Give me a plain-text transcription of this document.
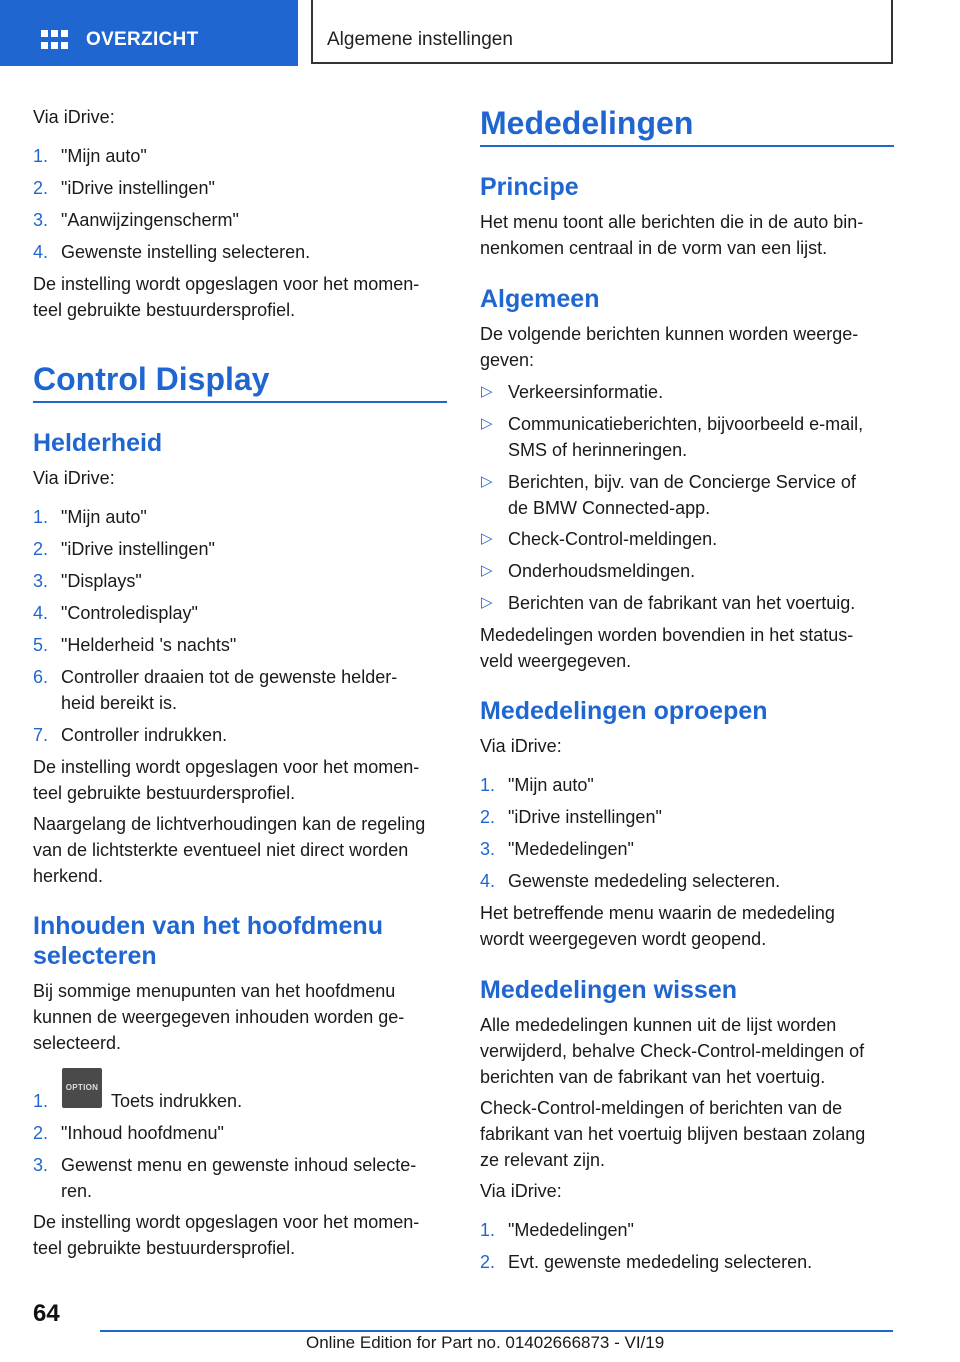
OVERZICHT	Algemene instellingen
Via iDrive:
1. "Mijn auto"
2. "iDrive instellingen"
3. "Aanwijzingenscherm"
4. Gewenste instelling selecteren.
De instelling wordt opgeslagen voor het momen-
teel gebruikte bestuurdersprofiel.
Control Display
Helderheid
Via iDrive:
1. "Mijn auto"
2. "iDrive instellingen"
3. "Displays"
4. "Controledisplay"
5. "Helderheid 's nachts"
6. Controller draaien tot de gewenste helder-
heid bereikt is.
7. Controller indrukken.
De instelling wordt opgeslagen voor het momen-
teel gebruikte bestuurdersprofiel.
Naargelang de lichtverhoudingen kan de regeling
van de lichtsterkte eventueel niet direct worden
herkend.
Inhouden van het hoofdmenu
selecteren
Bij sommige menupunten van het hoofdmenu
kunnen de weergegeven inhouden worden ge-
selecteerd.
1.
OPTION
Toets indrukken.
2. "Inhoud hoofdmenu"
3. Gewenst menu en gewenste inhoud selecte-
ren.
De instelling wordt opgeslagen voor het momen-
teel gebruikte bestuurdersprofiel.
Mededelingen
Principe
Het menu toont alle berichten die in de auto bin-
nenkomen centraal in de vorm van een lijst.
Algemeen
De volgende berichten kunnen worden weerge-
geven:
▷ Verkeersinformatie.
▷ Communicatieberichten, bijvoorbeeld e-mail,
SMS of herinneringen.
▷ Berichten, bijv. van de Concierge Service of
de BMW Connected-app.
▷ Check-Control-meldingen.
▷ Onderhoudsmeldingen.
▷ Berichten van de fabrikant van het voertuig.
Mededelingen worden bovendien in het status-
veld weergegeven.
Mededelingen oproepen
Via iDrive:
1. "Mijn auto"
2. "iDrive instellingen"
3. "Mededelingen"
4. Gewenste mededeling selecteren.
Het betreffende menu waarin de mededeling
wordt weergegeven wordt geopend.
Mededelingen wissen
Alle mededelingen kunnen uit de lijst worden
verwijderd, behalve Check-Control-meldingen of
berichten van de fabrikant van het voertuig.
Check-Control-meldingen of berichten van de
fabrikant van het voertuig blijven bestaan zolang
ze relevant zijn.
Via iDrive:
1. "Mededelingen"
2. Evt. gewenste mededeling selecteren.
64
Online Edition for Part no. 01402666873 - VI/19
